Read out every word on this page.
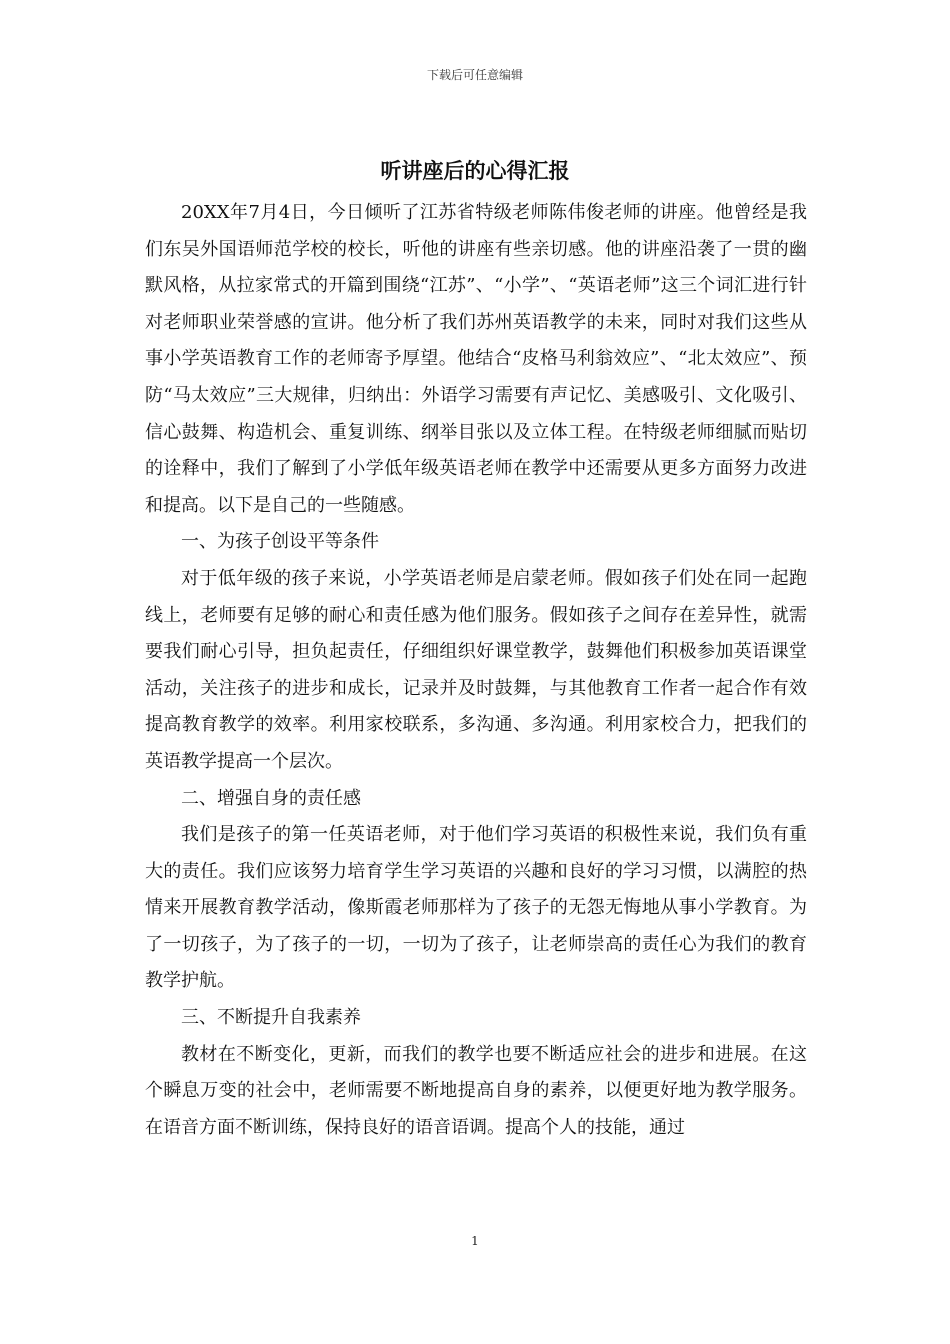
下载后可任意编辑
听讲座后的心得汇报

20XX年7月4日，今日倾听了江苏省特级老师陈伟俊老师的讲座。他曾经是我们东吴外国语师范学校的校长，听他的讲座有些亲切感。他的讲座沿袭了一贯的幽默风格，从拉家常式的开篇到围绕“江苏”、“小学”、“英语老师”这三个词汇进行针对老师职业荣誉感的宣讲。他分析了我们苏州英语教学的未来，同时对我们这些从事小学英语教育工作的老师寄予厚望。他结合“皮格马利翁效应”、“北太效应”、预防“马太效应”三大规律，归纳出：外语学习需要有声记忆、美感吸引、文化吸引、信心鼓舞、构造机会、重复训练、纲举目张以及立体工程。在特级老师细腻而贴切的诠释中，我们了解到了小学低年级英语老师在教学中还需要从更多方面努力改进和提高。以下是自己的一些随感。

一、为孩子创设平等条件

对于低年级的孩子来说，小学英语老师是启蒙老师。假如孩子们处在同一起跑线上，老师要有足够的耐心和责任感为他们服务。假如孩子之间存在差异性，就需要我们耐心引导，担负起责任，仔细组织好课堂教学，鼓舞他们积极参加英语课堂活动，关注孩子的进步和成长，记录并及时鼓舞，与其他教育工作者一起合作有效提高教育教学的效率。利用家校联系，多沟通、多沟通。利用家校合力，把我们的英语教学提高一个层次。

二、增强自身的责任感

我们是孩子的第一任英语老师，对于他们学习英语的积极性来说，我们负有重大的责任。我们应该努力培育学生学习英语的兴趣和良好的学习习惯，以满腔的热情来开展教育教学活动，像斯霞老师那样为了孩子的无怨无悔地从事小学教育。为了一切孩子，为了孩子的一切，一切为了孩子，让老师崇高的责任心为我们的教育教学护航。

三、不断提升自我素养

教材在不断变化，更新，而我们的教学也要不断适应社会的进步和进展。在这个瞬息万变的社会中，老师需要不断地提高自身的素养，以便更好地为教学服务。在语音方面不断训练，保持良好的语音语调。提高个人的技能，通过

1
